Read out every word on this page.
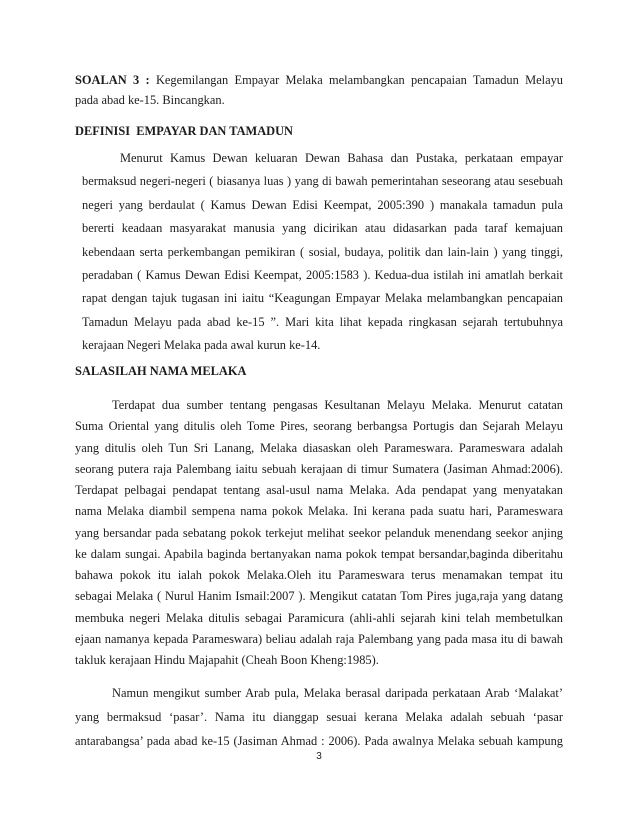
SOALAN 3 : Kegemilangan Empayar Melaka melambangkan pencapaian Tamadun Melayu
pada abad ke-15. Bincangkan.
DEFINISI  EMPAYAR DAN TAMADUN
Menurut Kamus Dewan keluaran Dewan Bahasa dan Pustaka, perkataan empayar
bermaksud negeri-negeri ( biasanya luas ) yang di bawah pemerintahan seseorang atau sesebuah
negeri yang berdaulat ( Kamus Dewan Edisi Keempat, 2005:390 ) manakala tamadun pula
bererti keadaan masyarakat manusia yang dicirikan atau didasarkan pada taraf kemajuan
kebendaan serta perkembangan pemikiran ( sosial, budaya, politik dan lain-lain ) yang tinggi,
peradaban ( Kamus Dewan Edisi Keempat, 2005:1583 ). Kedua-dua istilah ini amatlah berkait
rapat dengan tajuk tugasan ini iaitu “Keagungan Empayar Melaka melambangkan pencapaian
Tamadun Melayu pada abad ke-15 ”. Mari kita lihat kepada ringkasan sejarah tertubuhnya
kerajaan Negeri Melaka pada awal kurun ke-14.
SALASILAH NAMA MELAKA
Terdapat dua sumber tentang pengasas Kesultanan Melayu Melaka. Menurut catatan
Suma Oriental yang ditulis oleh Tome Pires, seorang berbangsa Portugis dan Sejarah Melayu
yang ditulis oleh Tun Sri Lanang, Melaka diasaskan oleh Parameswara. Parameswara adalah
seorang putera raja Palembang iaitu sebuah kerajaan di timur Sumatera (Jasiman Ahmad:2006).
Terdapat pelbagai pendapat tentang asal-usul nama Melaka. Ada pendapat yang menyatakan
nama Melaka diambil sempena nama pokok Melaka. Ini kerana pada suatu hari, Parameswara
yang bersandar pada sebatang pokok terkejut melihat seekor pelanduk menendang seekor anjing
ke dalam sungai. Apabila baginda bertanyakan nama pokok tempat bersandar,baginda diberitahu
bahawa pokok itu ialah pokok Melaka.Oleh itu Parameswara terus menamakan tempat itu
sebagai Melaka ( Nurul Hanim Ismail:2007 ). Mengikut catatan Tom Pires juga,raja yang datang
membuka negeri Melaka ditulis sebagai Paramicura (ahli-ahli sejarah kini telah membetulkan
ejaan namanya kepada Parameswara) beliau adalah raja Palembang yang pada masa itu di bawah
takluk kerajaan Hindu Majapahit (Cheah Boon Kheng:1985).
Namun mengikut sumber Arab pula, Melaka berasal daripada perkataan Arab ‘Malakat’
yang bermaksud ‘pasar’. Nama itu dianggap sesuai kerana Melaka adalah sebuah ‘pasar
antarabangsa’ pada abad ke-15 (Jasiman Ahmad : 2006). Pada awalnya Melaka sebuah kampung
3
